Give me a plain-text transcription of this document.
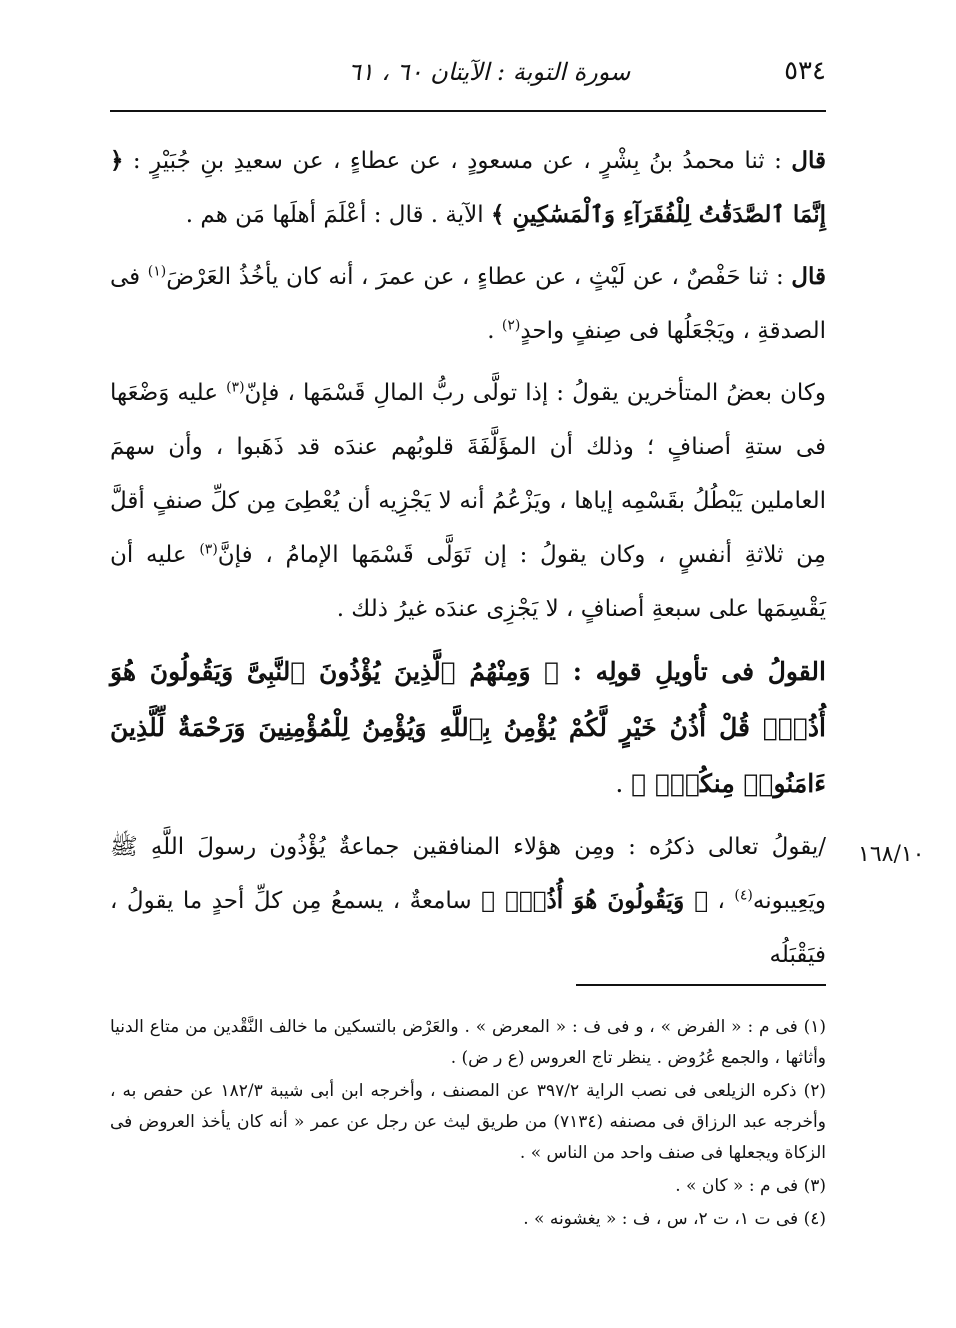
٥٣٤
سورة التوبة : الآيتان ٦٠ ، ٦١

قال : ثنا محمدُ بنُ بِشْرٍ ، عن مسعودٍ ، عن عطاءٍ ، عن سعيدِ بنِ جُبَيْرٍ : ﴿ إِنَّمَا ٱلصَّدَقَٰتُ لِلْفُقَرَآءِ وَٱلْمَسَٰكِينِ ﴾ الآية . قال : أعْلَمَ أهلَها مَن هم .

قال : ثنا حَفْصٌ ، عن لَيْثٍ ، عن عطاءٍ ، عن عمرَ ، أنه كان يأخُذُ العَرْضَ$^{(١)}$ فى الصدقةِ ، ويَجْعَلُها فى صِنفٍ واحدٍ$^{(٢)}$ .

وكان بعضُ المتأخرين يقولُ : إذا تولَّى ربُّ المالِ قَسْمَها ، فإنّ$^{(٣)}$ عليه وَضْعَها فى ستةِ أصنافٍ ؛ وذلك أن المؤَلَّفَةَ قلوبُهم عندَه قد ذَهَبوا ، وأن سهمَ العاملين يَبْطُلُ بقَسْمِه إياها ، ويَزْعُمُ أنه لا يَجْزِيه أن يُعْطِىَ مِن كلِّ صنفٍ أقلَّ مِن ثلاثةِ أنفسٍ ، وكان يقولُ : إن تَوَلَّى قَسْمَها الإمامُ ، فإنَّ$^{(٣)}$ عليه أن يَقْسِمَها على سبعةِ أصنافٍ ، لا يَجْزِى عندَه غيرُ ذلك .

القولُ فى تأويلِ قولِه : ﴿ وَمِنْهُمُ ٱلَّذِينَ يُؤْذُونَ ٱلنَّبِىَّ وَيَقُولُونَ هُوَ أُذُنٌۚ قُلْ أُذُنُ خَيْرٍ لَّكُمْ يُؤْمِنُ بِٱللَّهِ وَيُؤْمِنُ لِلْمُؤْمِنِينَ وَرَحْمَةٌ لِّلَّذِينَ ءَامَنُوا۟ مِنكُمْۚ ﴾ .

/يقولُ تعالى ذكرُه : ومِن هؤلاء المنافقين جماعةٌ يُؤْذُون رسولَ اللَّهِ ﷺ ويَعِيبونه$^{(٤)}$ ، ﴿ وَيَقُولُونَ هُوَ أُذُنٌۚ ﴾ سامعةٌ ، يسمعُ مِن كلِّ أحدٍ ما يقولُ ، فيَقْبَلُه

١٦٨/١٠

(١) فى م : « الفرض » ، و فى ف : « المعرض » . والعَرْض بالتسكين ما خالف النَّقْدين من متاع الدنيا وأثاثها ، والجمع عُرُوض . ينظر تاج العروس (ع ر ض) .

(٢) ذكره الزيلعى فى نصب الراية ٣٩٧/٢ عن المصنف ، وأخرجه ابن أبى شيبة ١٨٢/٣ عن حفص به ، وأخرجه عبد الرزاق فى مصنفه (٧١٣٤) من طريق ليث عن رجل عن عمر « أنه كان يأخذ العروض فى الزكاة ويجعلها فى صنف واحد من الناس » .

(٣) فى م : « كان » .

(٤) فى ت ١، ت ٢، س ، ف : « يغشونه » .
